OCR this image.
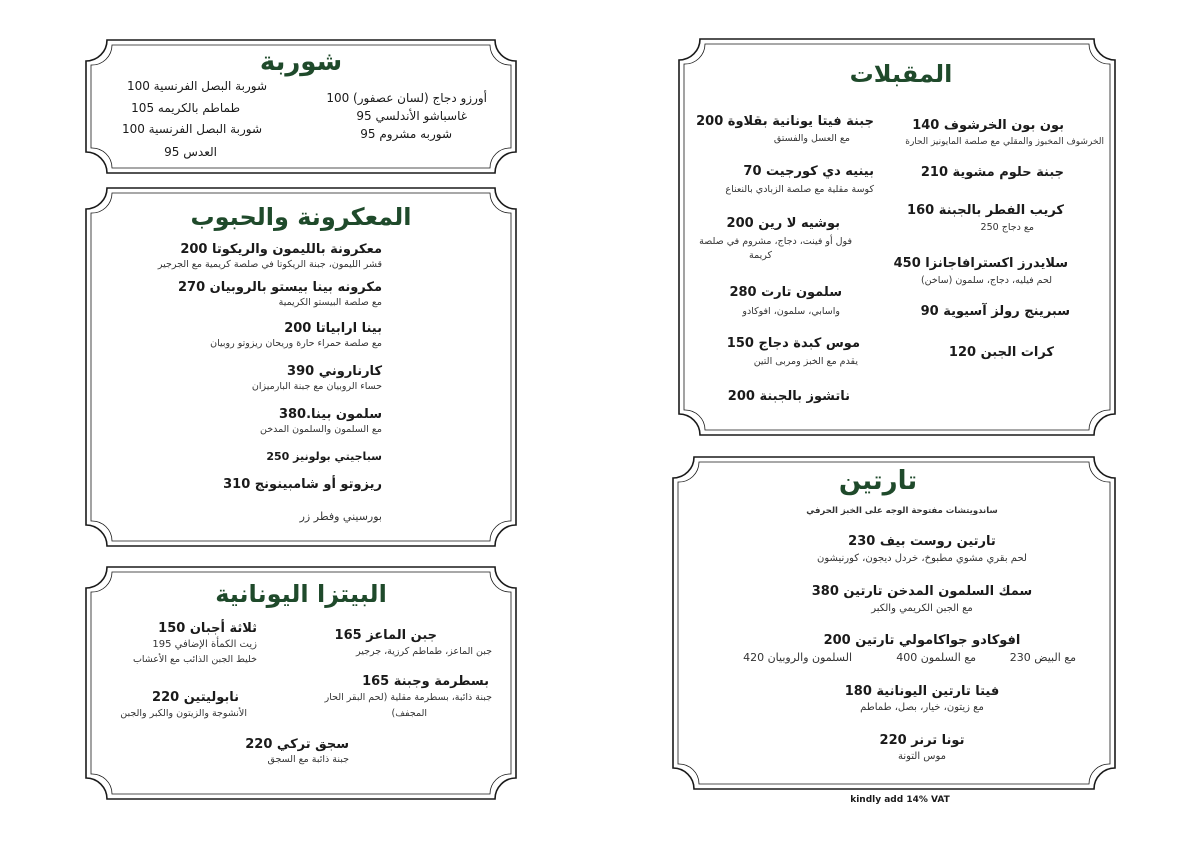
شوربة
شوربة البصل الفرنسية 100
طماطم بالكريمه 105
شوربة البصل الفرنسية 100
العدس 95
أورزو دجاج (لسان عصفور) 100
غاسباشو الأندلسي 95
شوربه مشروم 95
المعكرونة والحبوب
معكرونة بالليمون والريكوتا 200
قشر الليمون، جبنة الريكوتا في صلصة كريمية مع الجرجير
مكرونه بينا بيستو بالروبيان 270
مع صلصة البيستو الكريمية
بينا ارابياتا 200
مع صلصة حمراء حارة وريحان ريزوتو روبيان
كارناروني 390
حساء الروبيان مع جبنة البارميزان
سلمون بينا.380
مع السلمون والسلمون المدخن
سباجيتي بولونيز 250
ريزوتو أو شامبينونج 310
بورسيني وفطر زر
البيتزا اليونانية
ثلاثة أجبان 150
زيت الكمأة الإضافي 195
خليط الجبن الذائب مع الأعشاب
جبن الماعز 165
جبن الماعز، طماطم كرزية، جرجير
نابوليتين 220
الأنشوجة والزيتون والكبر والجبن
بسطرمة وجبنة 165
جبنة ذائبة، بسطرمة مقلية (لحم البقر الحار
المجفف)
سجق تركي 220
جبنة ذائبة مع السجق
المقبلات
جبنة فيتا يونانية بقلاوة 200
مع العسل والفستق
بينيه دي كورجيت 70
كوسة مقلية مع صلصة الزبادي بالنعناع
بوشيه لا رين 200
فول أو فينت، دجاج، مشروم في صلصة
كريمة
سلمون تارت 280
واسابي، سلمون، افوكادو
موس كبدة دجاج 150
يقدم مع الخبز ومربى التين
ناتشوز بالجبنة 200
بون بون الخرشوف 140
الخرشوف المخبوز والمقلي مع صلصة المايونيز الحارة
جبنة حلوم مشوية 210
كريب الفطر بالجبنة 160
مع دجاج 250
سلايدرز اكسترافاجانزا 450
لحم فيليه، دجاج، سلمون (ساخن)
سبرينج رولز آسيوية 90
كرات الجبن 120
تارتين
ساندويتشات مفتوحة الوجه على الخبز الحرفي
تارتين روست بيف 230
لحم بقري مشوي مطبوخ، خردل ديجون، كورنيشون
سمك السلمون المدخن تارتين 380
مع الجبن الكريمي والكبر
افوكادو جواكامولي تارتين 200
مع البيض 230
مع السلمون 400
السلمون والروبيان 420
فيتا تارتين اليونانية 180
مع زيتون، خيار، بصل، طماطم
تونا ترنر 220
موس التونة
kindly add 14% VAT
